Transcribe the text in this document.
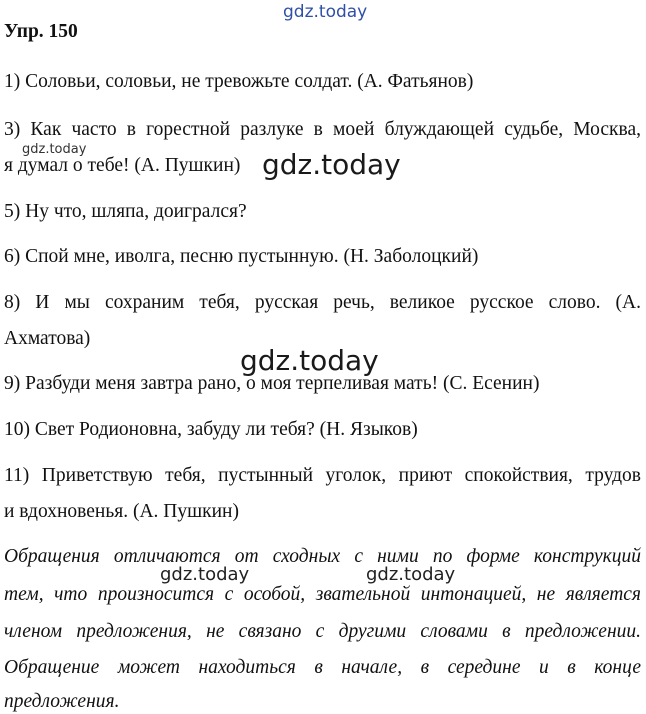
gdz.today
Упр. 150
1) Соловьи, соловьи, не тревожьте солдат. (А. Фатьянов)
3) Как часто в горестной разлуке в моей блуждающей судьбе, Москва,
gdz.today
я думал о тебе! (А. Пушкин) gdz.today
5) Ну что, шляпа, доигрался?
6) Спой мне, иволга, песню пустынную. (Н. Заболоцкий)
8) И мы сохраним тебя, русская речь, великое русское слово. (А.
Ахматова)
gdz.today
9) Разбуди меня завтра рано, о моя терпеливая мать! (С. Есенин)
10) Свет Родионовна, забуду ли тебя? (Н. Языков)
11) Приветствую тебя, пустынный уголок, приют спокойствия, трудов
и вдохновенья. (А. Пушкин)
Обращения отличаются от сходных с ними по форме конструкций
gdz.today	gdz.today
тем, что произносится с особой, звательной интонацией, не является
членом предложения, не связано с другими словами в предложении.
Обращение может находиться в начале, в середине и в конце
предложения.
